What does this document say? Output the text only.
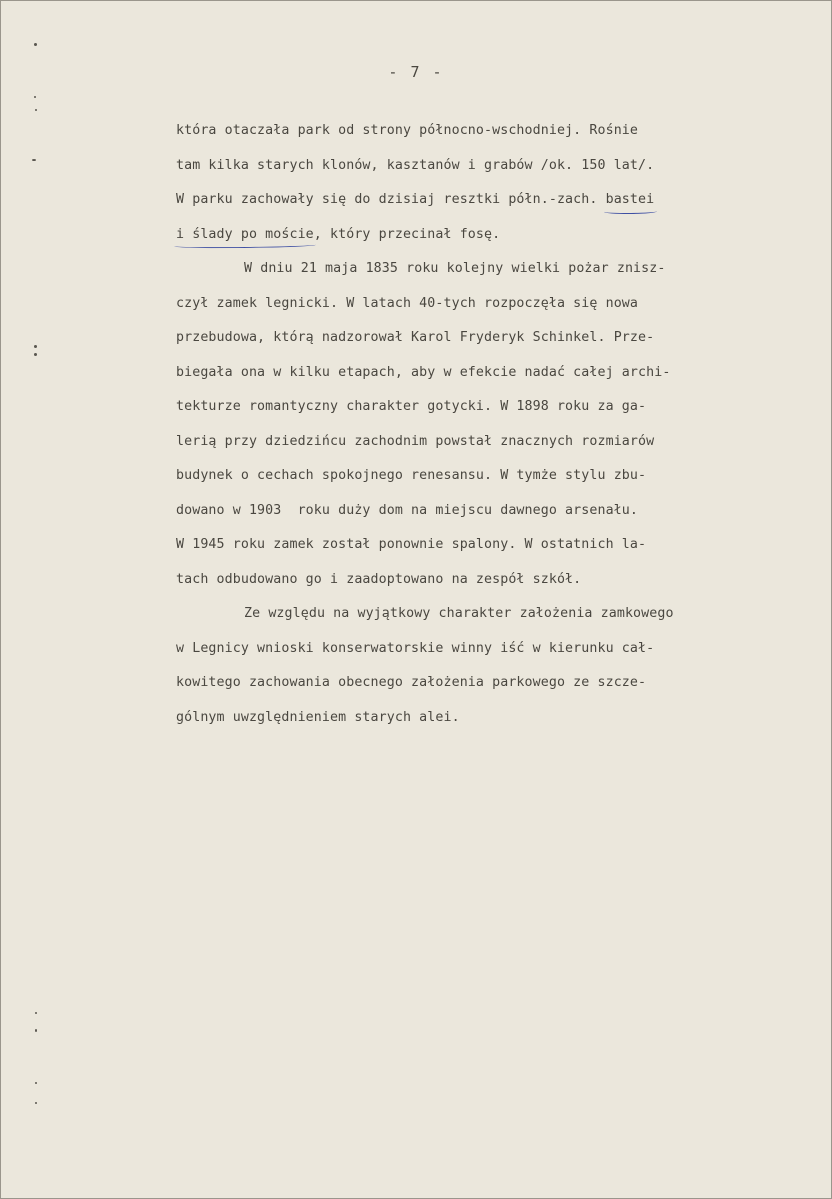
- 7 -
która otaczała park od strony północno-wschodniej. Rośnie
tam kilka starych klonów, kasztanów i grabów /ok. 150 lat/.
W parku zachowały się do dzisiaj resztki półn.-zach. bastei
i ślady po moście, który przecinał fosę.
W dniu 21 maja 1835 roku kolejny wielki pożar znisz-
czył zamek legnicki. W latach 40-tych rozpoczęła się nowa
przebudowa, którą nadzorował Karol Fryderyk Schinkel. Prze-
biegała ona w kilku etapach, aby w efekcie nadać całej archi-
tekturze romantyczny charakter gotycki. W 1898 roku za ga-
lerią przy dziedzińcu zachodnim powstał znacznych rozmiarów
budynek o cechach spokojnego renesansu. W tymże stylu zbu-
dowano w 1903  roku duży dom na miejscu dawnego arsenału.
W 1945 roku zamek został ponownie spalony. W ostatnich la-
tach odbudowano go i zaadoptowano na zespół szkół.
Ze względu na wyjątkowy charakter założenia zamkowego
w Legnicy wnioski konserwatorskie winny iść w kierunku cał-
kowitego zachowania obecnego założenia parkowego ze szcze-
gólnym uwzględnieniem starych alei.
